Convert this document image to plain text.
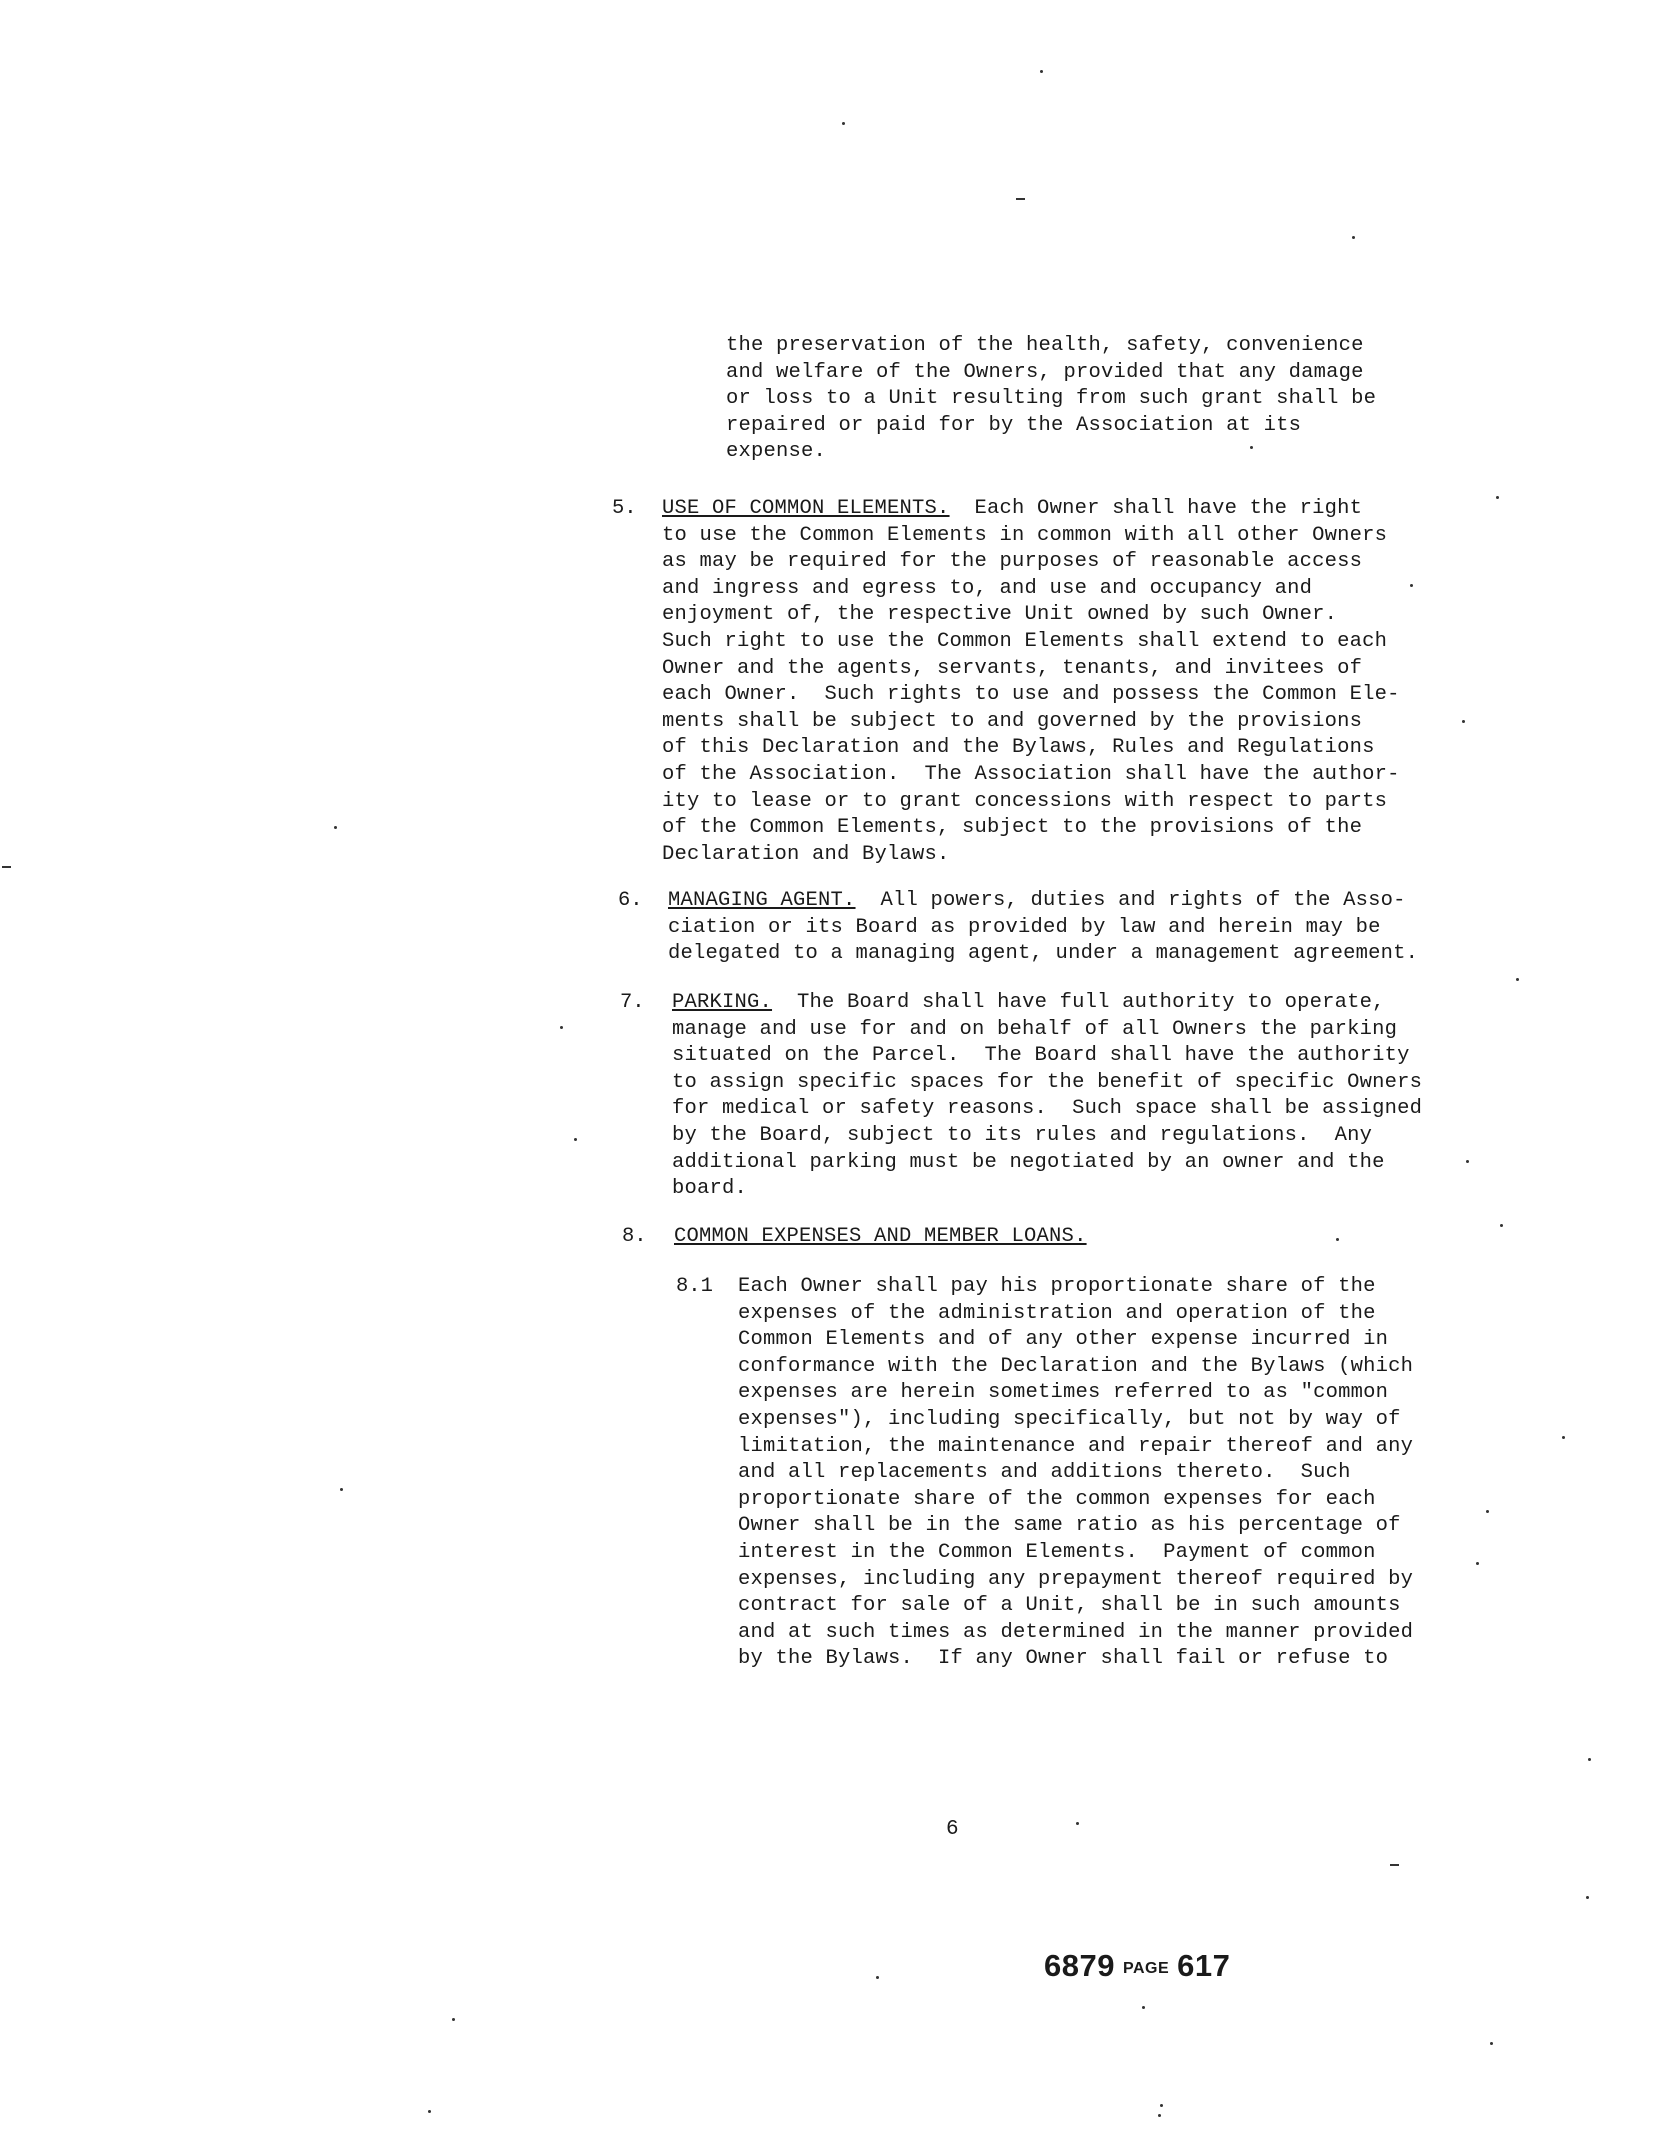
the preservation of the health, safety, convenience
and welfare of the Owners, provided that any damage
or loss to a Unit resulting from such grant shall be
repaired or paid for by the Association at its
expense.
5. USE OF COMMON ELEMENTS.  Each Owner shall have the right
to use the Common Elements in common with all other Owners
as may be required for the purposes of reasonable access
and ingress and egress to, and use and occupancy and
enjoyment of, the respective Unit owned by such Owner.
Such right to use the Common Elements shall extend to each
Owner and the agents, servants, tenants, and invitees of
each Owner.  Such rights to use and possess the Common Ele-
ments shall be subject to and governed by the provisions
of this Declaration and the Bylaws, Rules and Regulations
of the Association.  The Association shall have the author-
ity to lease or to grant concessions with respect to parts
of the Common Elements, subject to the provisions of the
Declaration and Bylaws.
6. MANAGING AGENT.  All powers, duties and rights of the Asso-
ciation or its Board as provided by law and herein may be
delegated to a managing agent, under a management agreement.
7. PARKING.  The Board shall have full authority to operate,
manage and use for and on behalf of all Owners the parking
situated on the Parcel.  The Board shall have the authority
to assign specific spaces for the benefit of specific Owners
for medical or safety reasons.  Such space shall be assigned
by the Board, subject to its rules and regulations.  Any
additional parking must be negotiated by an owner and the
board.
8. COMMON EXPENSES AND MEMBER LOANS.
8.1 Each Owner shall pay his proportionate share of the
expenses of the administration and operation of the
Common Elements and of any other expense incurred in
conformance with the Declaration and the Bylaws (which
expenses are herein sometimes referred to as "common
expenses"), including specifically, but not by way of
limitation, the maintenance and repair thereof and any
and all replacements and additions thereto.  Such
proportionate share of the common expenses for each
Owner shall be in the same ratio as his percentage of
interest in the Common Elements.  Payment of common
expenses, including any prepayment thereof required by
contract for sale of a Unit, shall be in such amounts
and at such times as determined in the manner provided
by the Bylaws.  If any Owner shall fail or refuse to
6
6879 PAGE 617
